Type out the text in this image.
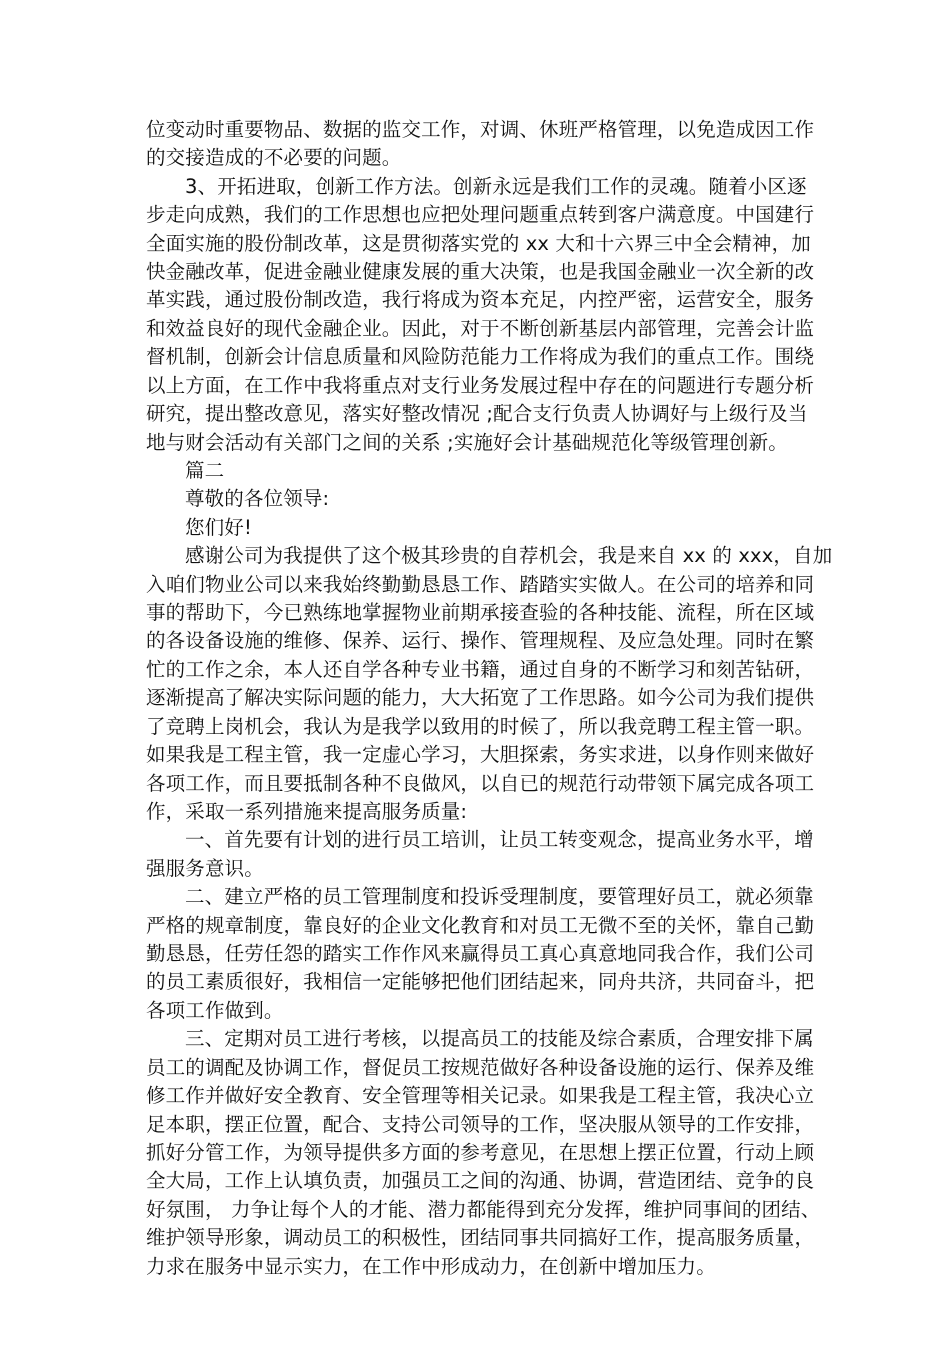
位变动时重要物品、数据的监交工作，对调、休班严格管理，以免造成因工作

的交接造成的不必要的问题。

3、开拓进取，创新工作方法。创新永远是我们工作的灵魂。随着小区逐

步走向成熟，我们的工作思想也应把处理问题重点转到客户满意度。中国建行

全面实施的股份制改革，这是贯彻落实党的 xx 大和十六界三中全会精神，加

快金融改革，促进金融业健康发展的重大决策，也是我国金融业一次全新的改

革实践，通过股份制改造，我行将成为资本充足，内控严密，运营安全，服务

和效益良好的现代金融企业。因此，对于不断创新基层内部管理，完善会计监

督机制，创新会计信息质量和风险防范能力工作将成为我们的重点工作。围绕

以上方面，在工作中我将重点对支行业务发展过程中存在的问题进行专题分析

研究，提出整改意见，落实好整改情况 ;配合支行负责人协调好与上级行及当

地与财会活动有关部门之间的关系 ;实施好会计基础规范化等级管理创新。

篇二

尊敬的各位领导:

您们好!

感谢公司为我提供了这个极其珍贵的自荐机会，我是来自 xx 的 xxx，自加

入咱们物业公司以来我始终勤勤恳恳工作、踏踏实实做人。在公司的培养和同

事的帮助下，今已熟练地掌握物业前期承接查验的各种技能、流程，所在区域

的各设备设施的维修、保养、运行、操作、管理规程、及应急处理。同时在繁

忙的工作之余，本人还自学各种专业书籍，通过自身的不断学习和刻苦钻研，

逐渐提高了解决实际问题的能力，大大拓宽了工作思路。如今公司为我们提供

了竞聘上岗机会，我认为是我学以致用的时候了，所以我竞聘工程主管一职。

如果我是工程主管，我一定虚心学习，大胆探索，务实求进，以身作则来做好

各项工作，而且要抵制各种不良做风，以自已的规范行动带领下属完成各项工

作，采取一系列措施来提高服务质量:

一、首先要有计划的进行员工培训，让员工转变观念，提高业务水平，增

强服务意识。

二、建立严格的员工管理制度和投诉受理制度，要管理好员工，就必须靠

严格的规章制度，靠良好的企业文化教育和对员工无微不至的关怀，靠自己勤

勤恳恳，任劳任怨的踏实工作作风来赢得员工真心真意地同我合作，我们公司

的员工素质很好，我相信一定能够把他们团结起来，同舟共济，共同奋斗，把

各项工作做到。

三、定期对员工进行考核，以提高员工的技能及综合素质，合理安排下属

员工的调配及协调工作，督促员工按规范做好各种设备设施的运行、保养及维

修工作并做好安全教育、安全管理等相关记录。如果我是工程主管，我决心立

足本职，摆正位置，配合、支持公司领导的工作，坚决服从领导的工作安排，

抓好分管工作，为领导提供多方面的参考意见，在思想上摆正位置，行动上顾

全大局，工作上认填负责，加强员工之间的沟通、协调，营造团结、竞争的良

好氛围， 力争让每个人的才能、潜力都能得到充分发挥，维护同事间的团结、

维护领导形象，调动员工的积极性，团结同事共同搞好工作，提高服务质量，

力求在服务中显示实力，在工作中形成动力，在创新中增加压力。
